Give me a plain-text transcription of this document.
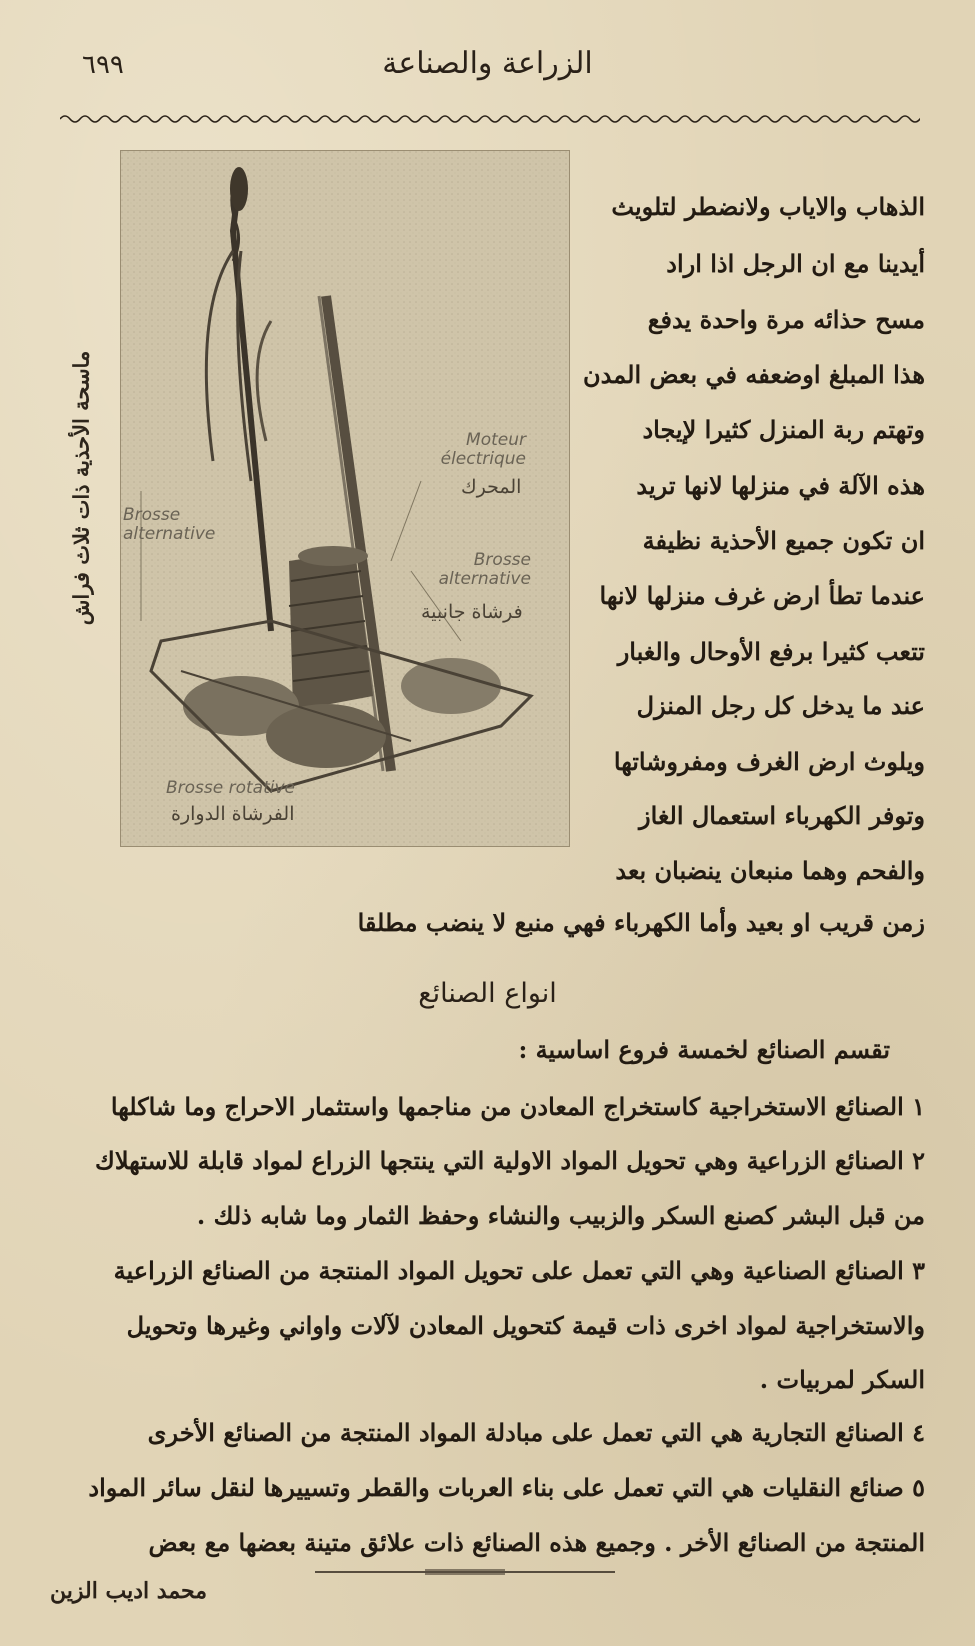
٦٩٩	الزراعة والصناعة
Brosse alternative
Moteur électrique
المحرك
Brosse alternative
فرشاة جانبية
Brosse rotative
الفرشاة الدوارة
ماسحة الأحذية ذات ثلاث فراش
الذهاب والاياب ولانضطر لتلويث
أيدينا مع ان الرجل اذا اراد
مسح حذائه مرة واحدة يدفع
هذا المبلغ اوضعفه في بعض المدن
وتهتم ربة المنزل كثيرا لإيجاد
هذه الآلة في منزلها لانها تريد
ان تكون جميع الأحذية نظيفة
عندما تطأ ارض غرف منزلها لانها
تتعب كثيرا برفع الأوحال والغبار
عند ما يدخل كل رجل المنزل
ويلوث ارض الغرف ومفروشاتها
وتوفر الكهرباء استعمال الغاز
والفحم وهما منبعان ينضبان بعد
زمن قريب او بعيد وأما الكهرباء فهي منبع لا ينضب مطلقا
انواع الصنائع
تقسم الصنائع لخمسة فروع اساسية :
١ الصنائع الاستخراجية كاستخراج المعادن من مناجمها واستثمار الاحراج وما شاكلها
٢ الصنائع الزراعية وهي تحويل المواد الاولية التي ينتجها الزراع لمواد قابلة للاستهلاك
من قبل البشر كصنع السكر والزبيب والنشاء وحفظ الثمار وما شابه ذلك .
٣ الصنائع الصناعية وهي التي تعمل على تحويل المواد المنتجة من الصنائع الزراعية
والاستخراجية لمواد اخرى ذات قيمة كتحويل المعادن لآلات واواني وغيرها وتحويل
السكر لمربيات .
٤ الصنائع التجارية هي التي تعمل على مبادلة المواد المنتجة من الصنائع الأخرى
٥ صنائع النقليات هي التي تعمل على بناء العربات والقطر وتسييرها لنقل سائر المواد
المنتجة من الصنائع الأخر . وجميع هذه الصنائع ذات علائق متينة بعضها مع بعض
محمد اديب الزين
